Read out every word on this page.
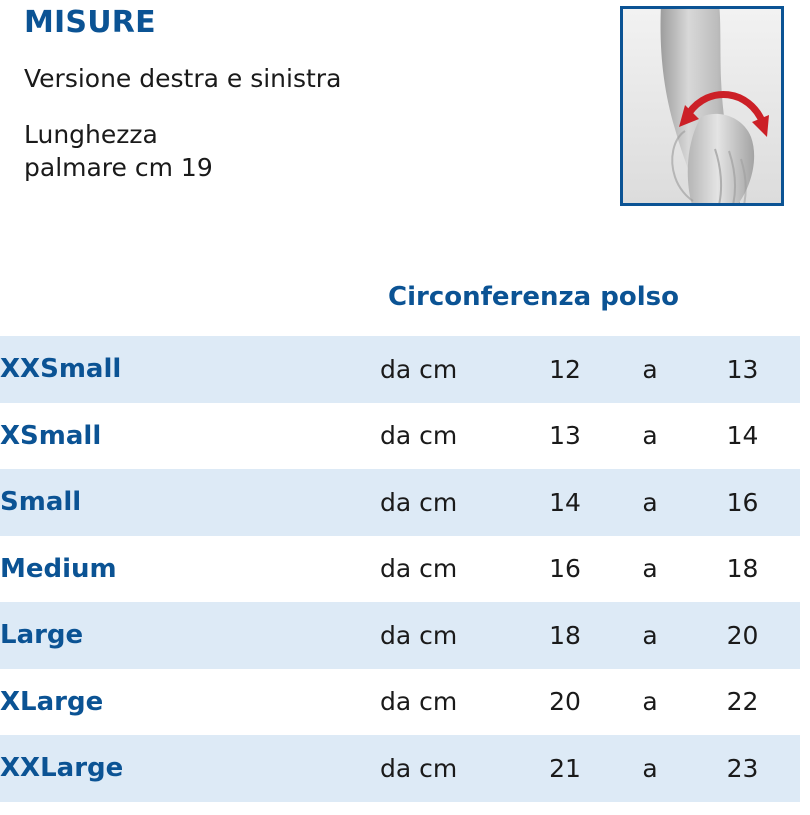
MISURE

Versione destra e sinistra

Lunghezza
palmare cm 19
	Circonferenza polso			
XXSmall	da cm	12	a	13
XSmall	da cm	13	a	14
Small	da cm	14	a	16
Medium	da cm	16	a	18
Large	da cm	18	a	20
XLarge	da cm	20	a	22
XXLarge	da cm	21	a	23
